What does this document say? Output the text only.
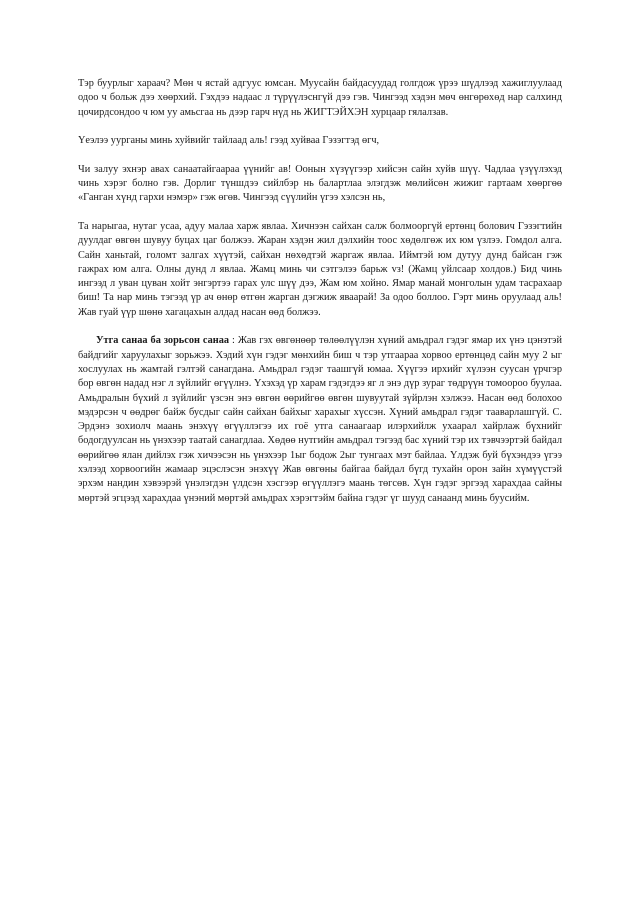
Тэр буурлыг хараач? Мөн ч ястай адгуус юмсан. Муусайн байдасуудад голгдож үрээ шүдлээд хажиглуулаад одоо ч больж дээ хөөрхий. Гэхдээ надаас л түрүүлэснгүй дээ гэв. Чингээд хэдэн мөч өнгөрөхөд нар салхинд цочирдсондоо ч юм уу амьсгаа нь дээр гарч нүд нь ЖИГТЭЙХЭН хурцаар гялалзав.

Үеэлээ уурганы минь хуйвийг тайлаад аль! гээд хуйваа Гэзэгтэд өгч,

Чи залуу эхнэр авах санаатайгаараа үүнийг ав! Оонын хүзүүгээр хийсэн сайн хуйв шүү. Чадлаа үзүүлэхэд чинь хэрэг болно гэв. Дорлиг түншдээ сийлбэр нь балартлаа элэгдэж мөлийсөн жижиг гартаам хөөргөө «Ганган хүнд гархи нэмэр» гэж өгөв. Чингээд сүүлийн үгээ хэлсэн нь,

Та нарыгаа, нутаг усаа, адуу малаа харж явлаа. Хичнээн сайхан салж болмооргүй ертөнц болович Гэзэгтийн дуулдаг өвгөн шувуу буцах цаг болжээ. Жаран хэдэн жил дэлхийн тоос хөдөлгөж их юм үзлээ. Гомдол алга. Сайн ханьтай, голомт залгах хүүтэй, сайхан нөхөдтэй жаргаж явлаа. Иймтэй юм дутуу дунд байсан гэж гажрах юм алга. Олны дунд л явлаа. Жамц минь чи сэтгэлээ барьж vз! (Жамц уйлсаар холдов.) Бид чинь ингээд л уван цуван хойт энгэртээ гарах улс шүү дээ, Жам юм хойно. Ямар манай монголын удам тасрахаар биш! Та нар минь тэгээд үр ач өнөр өтгөн жарган дэгжиж яваарай! За одоо боллоо. Гэрт минь оруулаад аль! Жав гуай үүр шөнө хагацахын алдад насан өөд болжээ.

Утга санаа ба зорьсон санаа : Жав гэх өвгөнөөр төлөөлүүлэн хүний амьдрал гэдэг ямар их үнэ цэнэтэй байдгийг харуулахыг зорьжээ. Хэдий хүн гэдэг мөнхийн биш ч тэр утгаараа хорвоо ертөнцөд сайн муу 2 ыг хослуулах нь жамтай гэлтэй санагдана. Амьдрал гэдэг таашгүй юмаа. Хүүгээ ирхийг хүлээн суусан үрчгэр бор өвгөн надад нэг л зүйлийг өгүүлнэ. Үхэхэд үр харам гэдэгдээ яг л энэ дүр зураг төдрүүн томоороо буулаа. Амьдралын бүхий л зүйлийг үзсэн энэ өвгөн өөрийгөө өвгөн шувуутай зүйрлэн хэлжээ. Насан өөд болохоо мэдэрсэн ч өөдрөг байж бусдыг сайн сайхан байхыг харахыг хүссэн. Хүний амьдрал гэдэг тааварлашгүй. С. Эрдэнэ зохиолч маань энэхүү өгүүллэгээ их гоё утга санаагаар илэрхийлж ухаарал хайрлаж бүхнийг бодогдуулсан нь үнэхээр таатай санагдлаа. Хөдөө нутгийн амьдрал тэгээд бас хүний тэр их тэвчээртэй байдал өөрийгөө ялан дийлэх гэж хичээсэн нь үнэхээр 1ыг бодож 2ыг тунгаах мэт байлаа. Үлдэж буй бүхэндээ үгээ хэлээд хорвоогийн жамаар эцэслэсэн энэхүү Жав өвгөны байгаа байдал бүгд тухайн орон зайн хүмүүстэй эрхэм нандин хэвээрэй үнэлэгдэн үлдсэн хэсгээр өгүүллэгэ маань төгсөв. Хүн гэдэг эргээд харахдаа сайны мөртэй эгцээд харахдаа үнэний мөртэй амьдрах хэрэгтэйм байна гэдэг үг шууд санаанд минь буусийм.
